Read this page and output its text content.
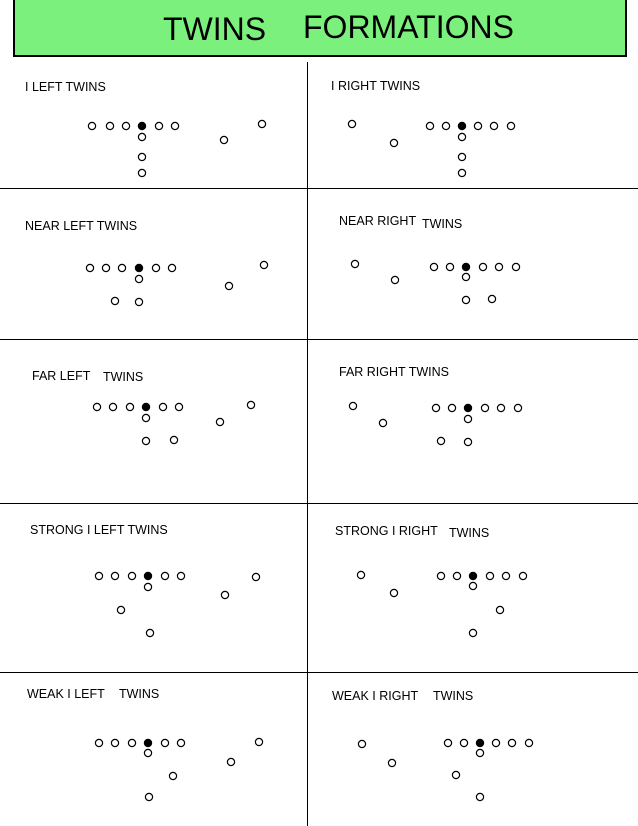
TWINS FORMATIONS
I LEFT TWINS	I RIGHT TWINS
NEAR LEFT TWINS	NEAR RIGHT TWINS
FAR LEFT TWINS	FAR RIGHT TWINS
STRONG I LEFT TWINS	STRONG I RIGHT TWINS
WEAK I LEFT TWINS	WEAK I RIGHT TWINS
